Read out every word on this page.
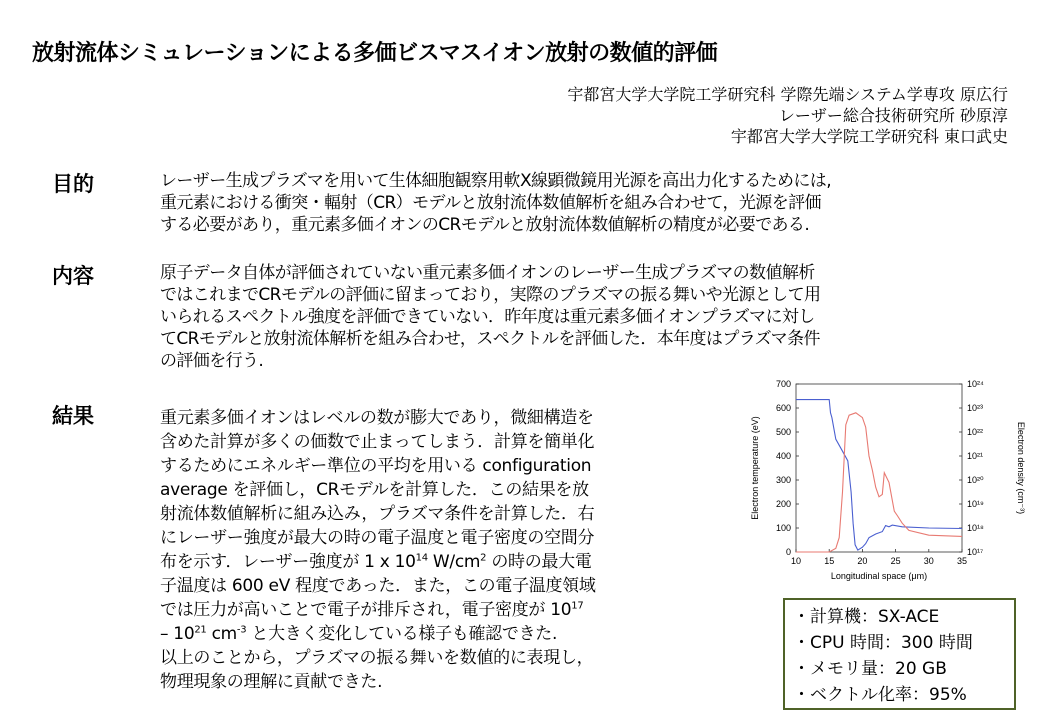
放射流体シミュレーションによる多価ビスマスイオン放射の数値的評価
宇都宮大学大学院工学研究科 学際先端システム学専攻 原広行
レーザー総合技術研究所 砂原淳
宇都宮大学大学院工学研究科 東口武史
目的	レーザー生成プラズマを用いて生体細胞観察用軟X線顕微鏡用光源を高出力化するためには,
重元素における衝突・輻射（CR）モデルと放射流体数値解析を組み合わせて，光源を評価
する必要があり，重元素多価イオンのCRモデルと放射流体数値解析の精度が必要である.
内容	原子データ自体が評価されていない重元素多価イオンのレーザー生成プラズマの数値解析
ではこれまでCRモデルの評価に留まっており，実際のプラズマの振る舞いや光源として用
いられるスペクトル強度を評価できていない．昨年度は重元素多価イオンプラズマに対し
てCRモデルと放射流体解析を組み合わせ，スペクトルを評価した．本年度はプラズマ条件
の評価を行う.
結果	重元素多価イオンはレベルの数が膨大であり，微細構造を
含めた計算が多くの価数で止まってしまう．計算を簡単化
するためにエネルギー準位の平均を用いる configuration
average を評価し，CRモデルを計算した．この結果を放
射流体数値解析に組み込み，プラズマ条件を計算した．右
にレーザー強度が最大の時の電子温度と電子密度の空間分
布を示す．レーザー強度が 1 x $10^{14}$ $W/cm^2$ の時の最大電
子温度は 600 eV 程度であった．また，この電子温度領域
では圧力が高いことで電子が排斥され，電子密度が $10^{17}$
– $10^{21}$ $cm^{-3}$ と大きく変化している様子も確認できた.
以上のことから，プラズマの振る舞いを数値的に表現し，
物理現象の理解に貢献できた.
10	15	20	25	30	35
0
100
200
300
400
500
600
700
10¹⁷
10¹⁸
10¹⁹
10²⁰
10²¹
10²²
10²³
10²⁴
Longitudinal space (μm)
Electron temperature (eV)	Electron density (cm⁻³)
・計算機：SX-ACE
・CPU 時間：300 時間
・メモリ量：20 GB
・ベクトル化率：95%
